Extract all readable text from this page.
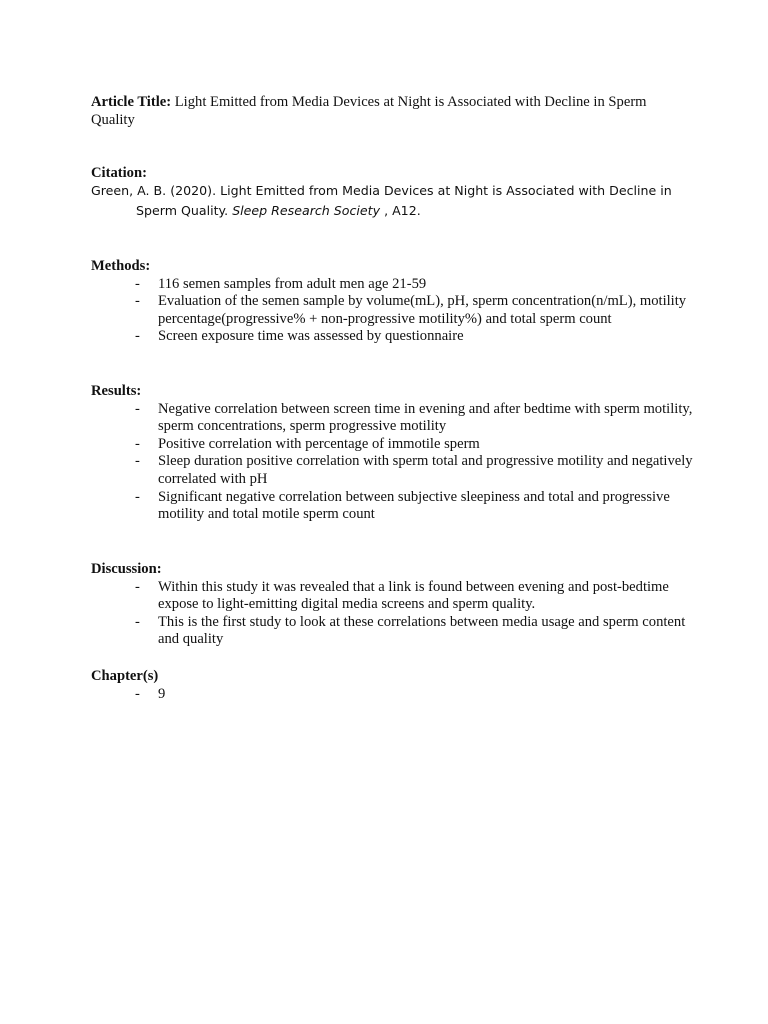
Article Title: Light Emitted from Media Devices at Night is Associated with Decline in Sperm Quality

Citation:

Green, A. B. (2020). Light Emitted from Media Devices at Night is Associated with Decline in Sperm Quality. Sleep Research Society , A12.

Methods:

- 116 semen samples from adult men age 21-59
- Evaluation of the semen sample by volume(mL), pH, sperm concentration(n/mL), motility percentage(progressive% + non-progressive motility%) and total sperm count
- Screen exposure time was assessed by questionnaire

Results:

- Negative correlation between screen time in evening and after bedtime with sperm motility, sperm concentrations, sperm progressive motility
- Positive correlation with percentage of immotile sperm
- Sleep duration positive correlation with sperm total and progressive motility and negatively correlated with pH
- Significant negative correlation between subjective sleepiness and total and progressive motility and total motile sperm count

Discussion:

- Within this study it was revealed that a link is found between evening and post-bedtime expose to light-emitting digital media screens and sperm quality.
- This is the first study to look at these correlations between media usage and sperm content and quality

Chapter(s)

- 9
